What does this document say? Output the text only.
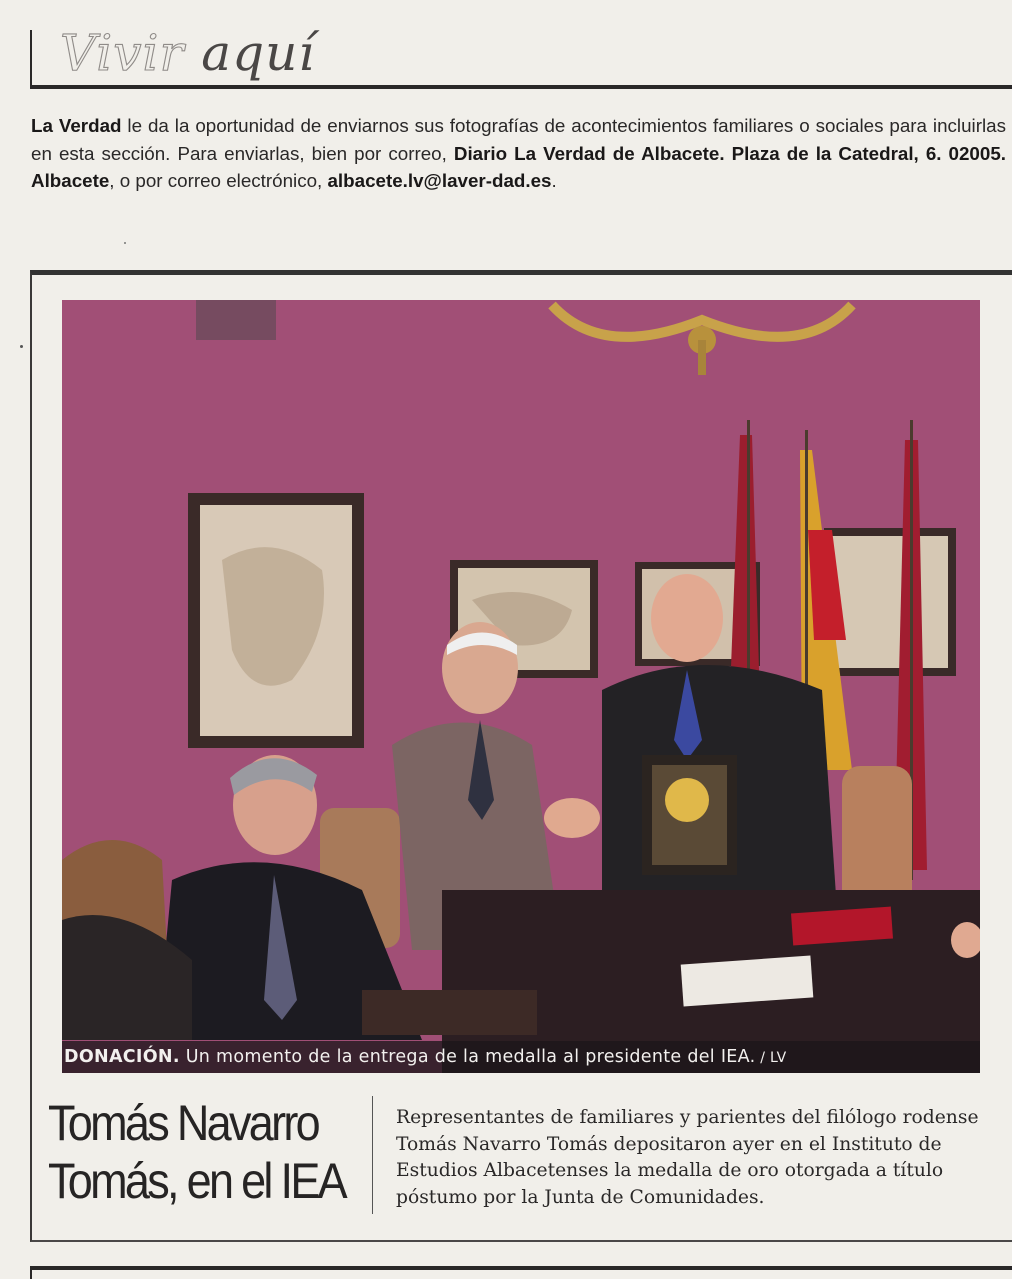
Vivir aquí

La Verdad le da la oportunidad de enviarnos sus fotografías de acontecimientos familiares o sociales para incluirlas en esta sección. Para enviarlas, bien por correo, Diario La Verdad de Albacete. Plaza de la Catedral, 6. 02005. Albacete, o por correo electrónico, albacete.lv@laver-dad.es.

DONACIÓN. Un momento de la entrega de la medalla al presidente del IEA. / LV
Tomás Navarro
Tomás, en el IEA

Representantes de familiares y parientes del filólogo rodense Tomás Navarro Tomás depositaron ayer en el Instituto de Estudios Albacetenses la medalla de oro otorgada a título póstumo por la Junta de Comunidades.
